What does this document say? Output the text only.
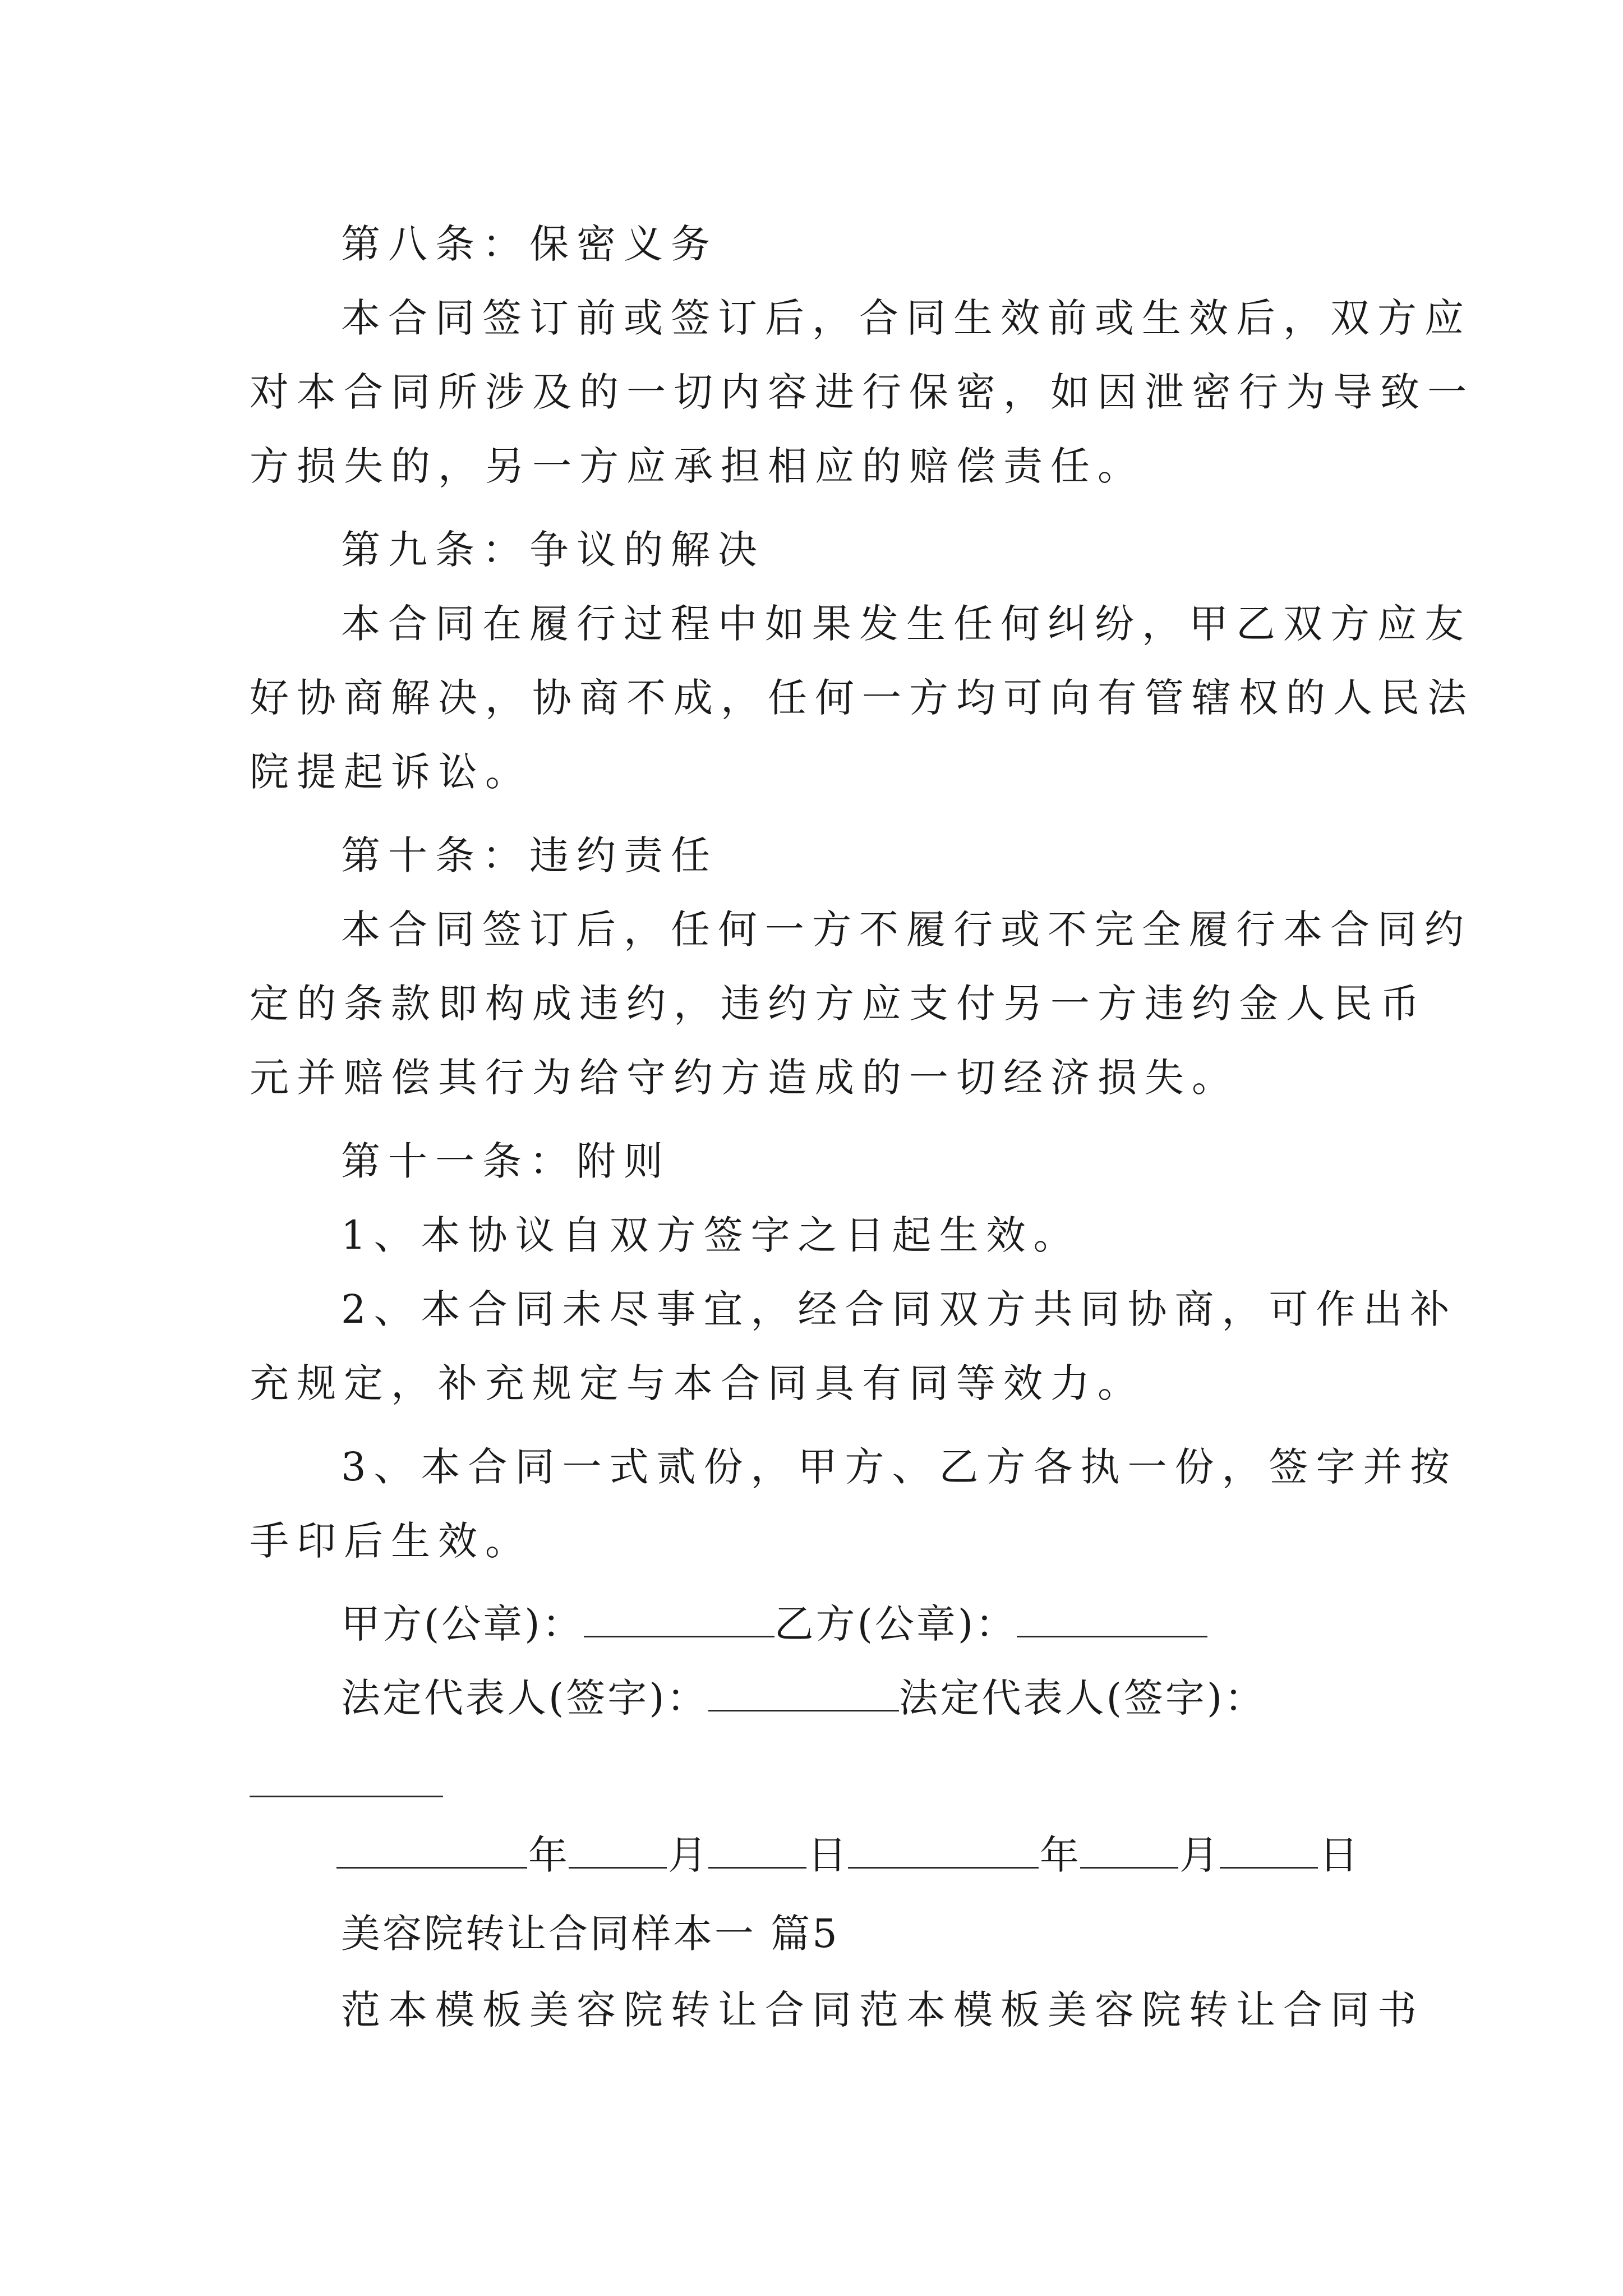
第八条：保密义务
本合同签订前或签订后，合同生效前或生效后，双方应
对本合同所涉及的一切内容进行保密，如因泄密行为导致一
方损失的，另一方应承担相应的赔偿责任。
第九条：争议的解决
本合同在履行过程中如果发生任何纠纷，甲乙双方应友
好协商解决，协商不成，任何一方均可向有管辖权的人民法
院提起诉讼。
第十条：违约责任
本合同签订后，任何一方不履行或不完全履行本合同约
定的条款即构成违约，违约方应支付另一方违约金人民币
元并赔偿其行为给守约方造成的一切经济损失。
第十一条：附则
1、本协议自双方签字之日起生效。
2、本合同未尽事宜，经合同双方共同协商，可作出补
充规定，补充规定与本合同具有同等效力。
3、本合同一式贰份，甲方、乙方各执一份，签字并按
手印后生效。
甲方(公章)：	乙方(公章)：
法定代表人(签字)：	法定代表人(签字)：
年	月	日	年	月	日
美容院转让合同样本一 篇5
范本模板美容院转让合同范本模板美容院转让合同书
